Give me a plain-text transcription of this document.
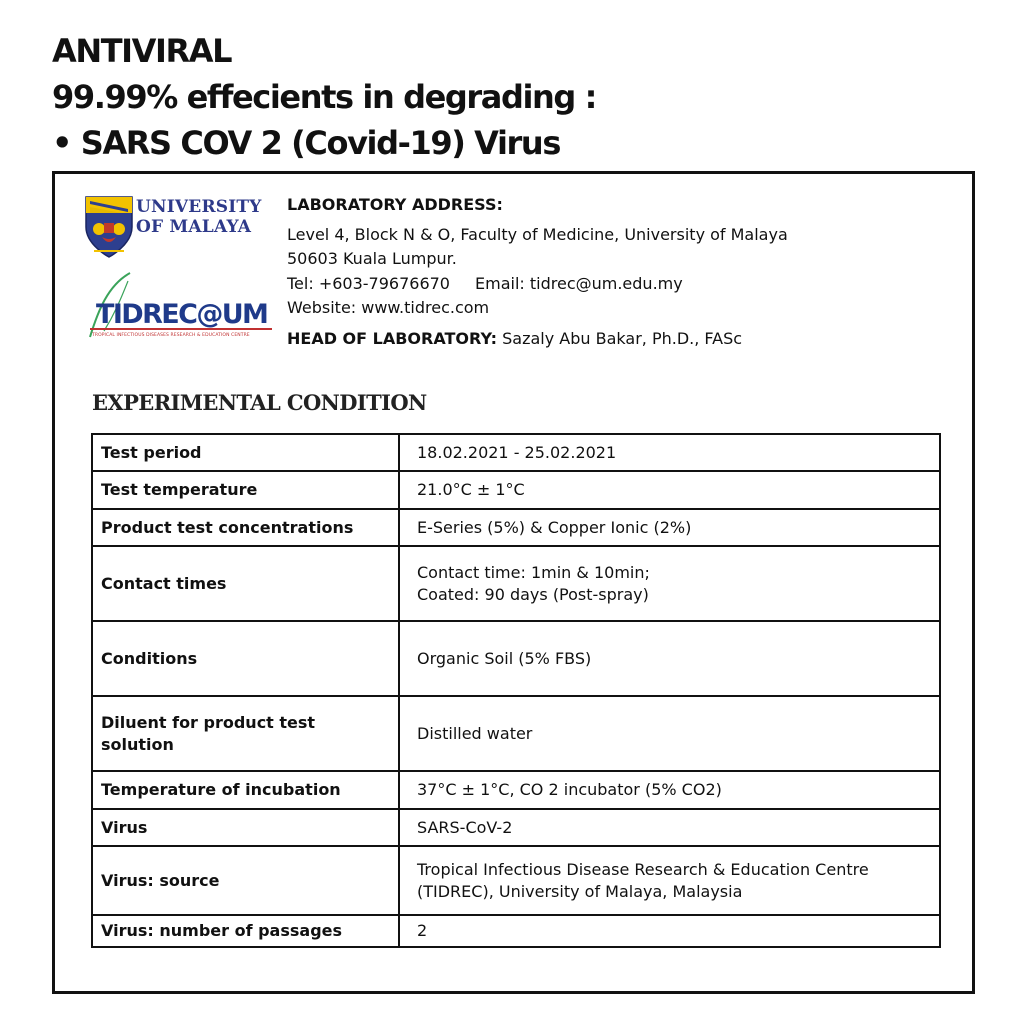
ANTIVIRAL
99.99% effecients in degrading :
• SARS COV 2 (Covid-19) Virus
UNIVERSITY
OF MALAYA
TIDREC@UM
TROPICAL INFECTIOUS DISEASES RESEARCH & EDUCATION CENTRE
LABORATORY ADDRESS:
Level 4, Block N & O, Faculty of Medicine, University of Malaya
50603 Kuala Lumpur.
Tel: +603-79676670 Email: tidrec@um.edu.my
Website: www.tidrec.com
HEAD OF LABORATORY: Sazaly Abu Bakar, Ph.D., FASc
EXPERIMENTAL CONDITION
Test period	18.02.2021 - 25.02.2021

Test temperature	21.0°C ± 1°C

Product test concentrations	E-Series (5%) & Copper Ionic (2%)

Contact times	Contact time: 1min & 10min;
Coated: 90 days (Post-spray)

Conditions	Organic Soil (5% FBS)

Diluent for product test
solution	Distilled water

Temperature of incubation	37°C ± 1°C, CO 2 incubator (5% CO2)

Virus	SARS-CoV-2

Virus: source	Tropical Infectious Disease Research & Education Centre
(TIDREC), University of Malaya, Malaysia

Virus: number of passages	2
